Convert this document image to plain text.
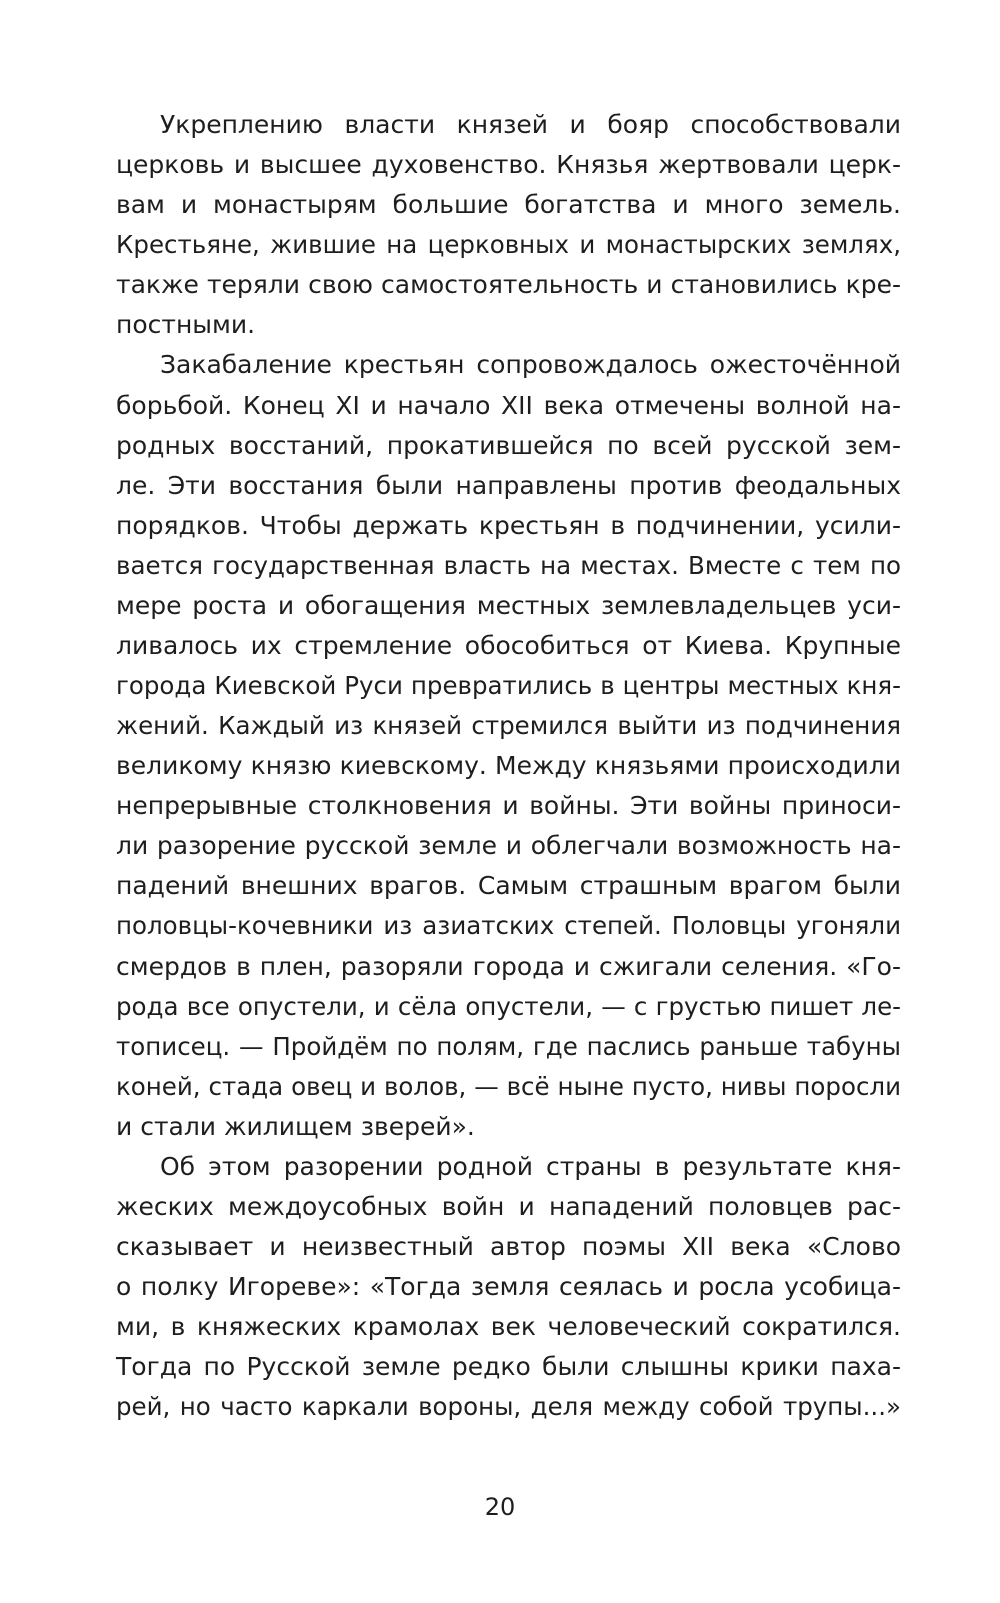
Укреплению власти князей и бояр способствовали
церковь и высшее духовенство. Князья жертвовали церк-
вам и монастырям большие богатства и много земель.
Крестьяне, жившие на церковных и монастырских землях,
также теряли свою самостоятельность и становились кре-
постными.
Закабаление крестьян сопровождалось ожесточённой
борьбой. Конец XI и начало XII века отмечены волной на-
родных восстаний, прокатившейся по всей русской зем-
ле. Эти восстания были направлены против феодальных
порядков. Чтобы держать крестьян в подчинении, усили-
вается государственная власть на местах. Вместе с тем по
мере роста и обогащения местных землевладельцев уси-
ливалось их стремление обособиться от Киева. Крупные
города Киевской Руси превратились в центры местных кня-
жений. Каждый из князей стремился выйти из подчинения
великому князю киевскому. Между князьями происходили
непрерывные столкновения и войны. Эти войны приноси-
ли разорение русской земле и облегчали возможность на-
падений внешних врагов. Самым страшным врагом были
половцы-кочевники из азиатских степей. Половцы угоняли
смердов в плен, разоряли города и сжигали селения. «Го-
рода все опустели, и сёла опустели, — с грустью пишет ле-
тописец. — Пройдём по полям, где паслись раньше табуны
коней, стада овец и волов, — всё ныне пусто, нивы поросли
и стали жилищем зверей».
Об этом разорении родной страны в результате кня-
жеских междоусобных войн и нападений половцев рас-
сказывает и неизвестный автор поэмы XII века «Слово
о полку Игореве»: «Тогда земля сеялась и росла усобица-
ми, в княжеских крамолах век человеческий сократился.
Тогда по Русской земле редко были слышны крики паха-
рей, но часто каркали вороны, деля между собой трупы...»
20
